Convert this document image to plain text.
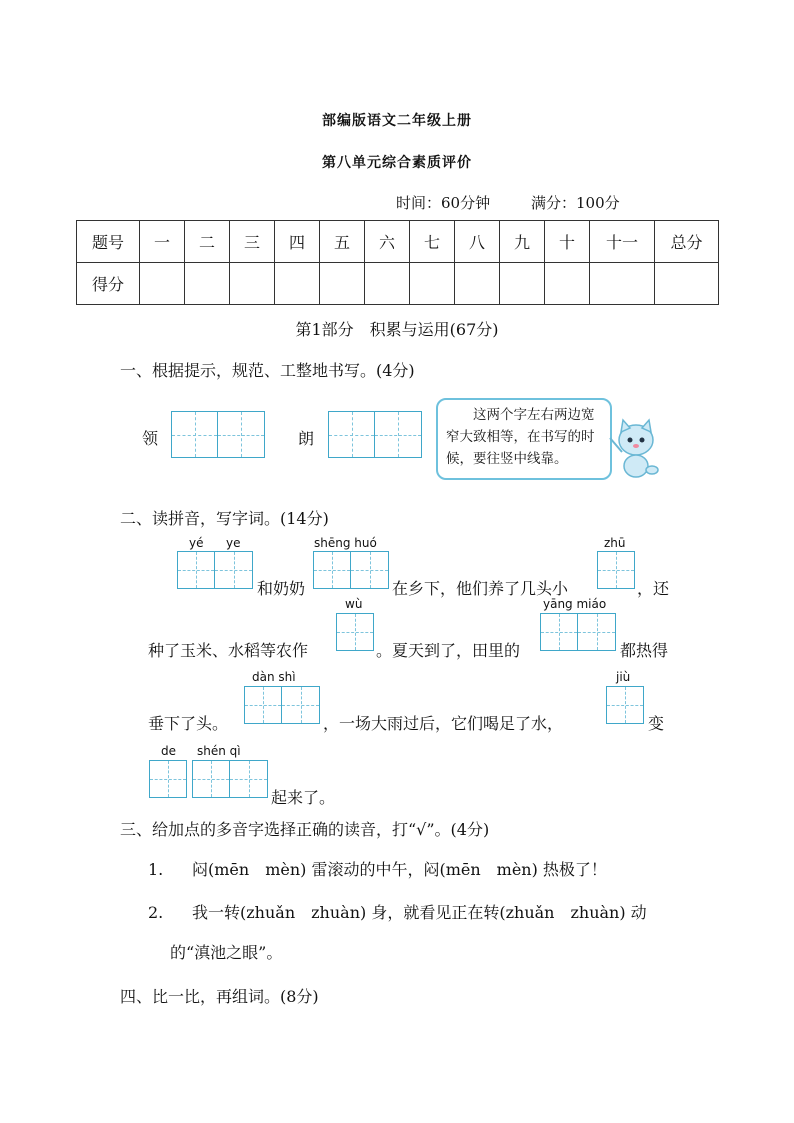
部编版语文二年级上册
第八单元综合素质评价
时间：60分钟	满分：100分
题号	一	二	三	四	五	六	七	八	九	十	十一	总分
得分												
第1部分　积累与运用(67分)
一、根据提示，规范、工整地书写。(4分)
领	朗
这两个字左右两边宽窄大致相等，在书写的时候，要往竖中线靠。
二、读拼音，写字词。(14分)
yé ye
和奶奶
shēng huó
在乡下，他们养了几头小
zhū
，还
种了玉米、水稻等农作
wù
。夏天到了，田里的
yāng miáo
都热得
垂下了头。
dàn shì
，一场大雨过后，它们喝足了水，
jiù
变
de shén qì
起来了。
三、给加点的多音字选择正确的读音，打“√”。(4分)
1. 闷(mēn　mèn) 雷滚动的中午，闷(mēn　mèn) 热极了！
2. 我一转(zhuǎn　zhuàn) 身，就看见正在转(zhuǎn　zhuàn) 动
的“滇池之眼”。
四、比一比，再组词。(8分)
